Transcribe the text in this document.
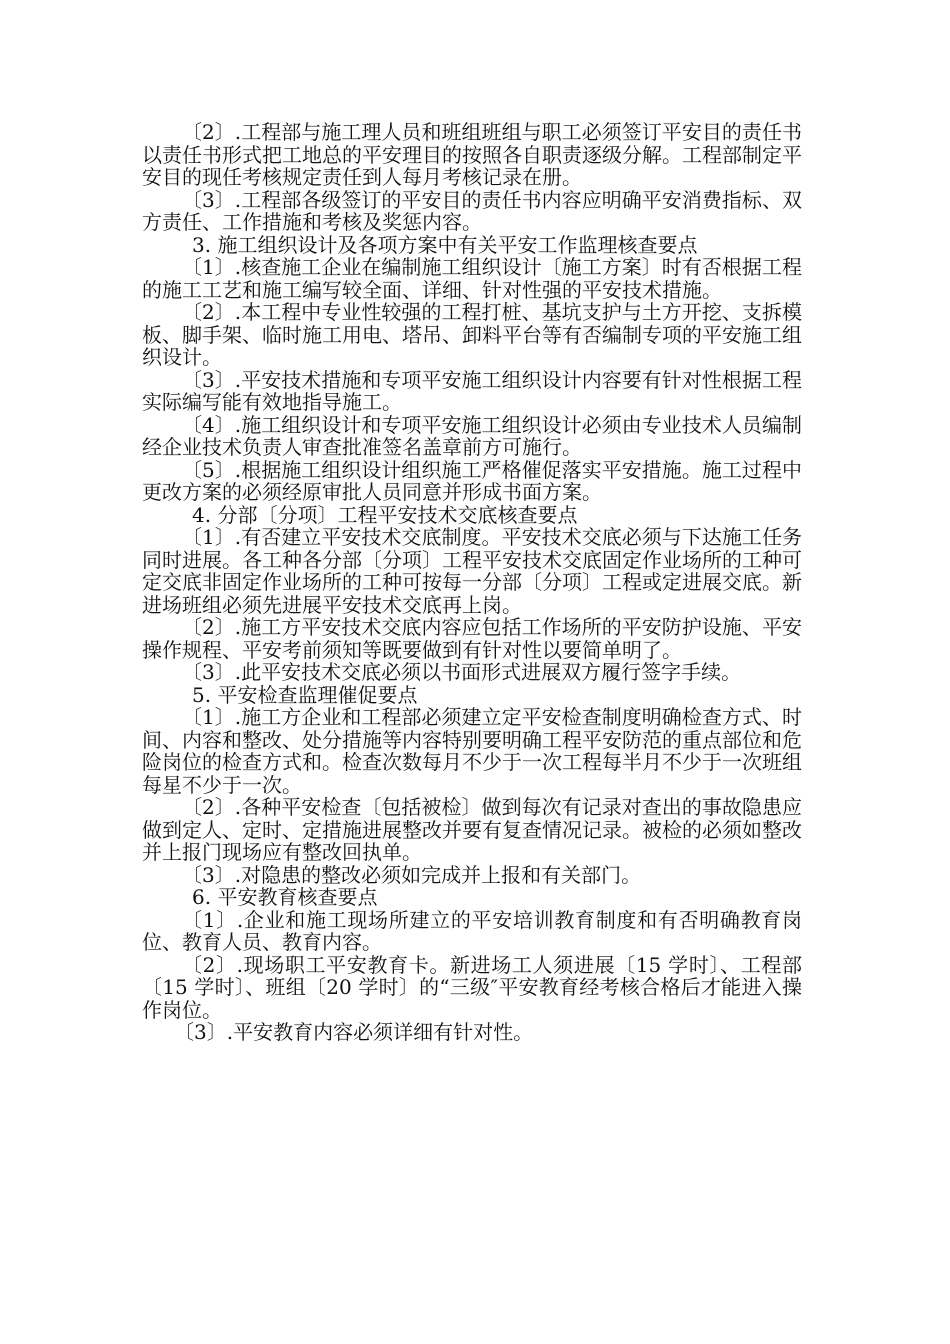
〔2〕.工程部与施工理人员和班组班组与职工必须签订平安目的责任书以责任书形式把工地总的平安理目的按照各自职责逐级分解。工程部制定平安目的现任考核规定责任到人每月考核记录在册。

〔3〕.工程部各级签订的平安目的责任书内容应明确平安消费指标、双方责任、工作措施和考核及奖惩内容。

3. 施工组织设计及各项方案中有关平安工作监理核查要点

〔1〕.核查施工企业在编制施工组织设计〔施工方案〕时有否根据工程的施工工艺和施工编写较全面、详细、针对性强的平安技术措施。

〔2〕.本工程中专业性较强的工程打桩、基坑支护与土方开挖、支拆模板、脚手架、临时施工用电、塔吊、卸料平台等有否编制专项的平安施工组织设计。

〔3〕.平安技术措施和专项平安施工组织设计内容要有针对性根据工程实际编写能有效地指导施工。

〔4〕.施工组织设计和专项平安施工组织设计必须由专业技术人员编制经企业技术负责人审查批准签名盖章前方可施行。

〔5〕.根据施工组织设计组织施工严格催促落实平安措施。施工过程中更改方案的必须经原审批人员同意并形成书面方案。

4. 分部〔分项〕工程平安技术交底核查要点

〔1〕.有否建立平安技术交底制度。平安技术交底必须与下达施工任务同时进展。各工种各分部〔分项〕工程平安技术交底固定作业场所的工种可定交底非固定作业场所的工种可按每一分部〔分项〕工程或定进展交底。新进场班组必须先进展平安技术交底再上岗。

〔2〕.施工方平安技术交底内容应包括工作场所的平安防护设施、平安操作规程、平安考前须知等既要做到有针对性以要简单明了。

〔3〕.此平安技术交底必须以书面形式进展双方履行签字手续。

5. 平安检查监理催促要点

〔1〕.施工方企业和工程部必须建立定平安检查制度明确检查方式、时间、内容和整改、处分措施等内容特别要明确工程平安防范的重点部位和危险岗位的检查方式和。检查次数每月不少于一次工程每半月不少于一次班组每星不少于一次。

〔2〕.各种平安检查〔包括被检〕做到每次有记录对查出的事故隐患应做到定人、定时、定措施进展整改并要有复查情况记录。被检的必须如整改并上报门现场应有整改回执单。

〔3〕.对隐患的整改必须如完成并上报和有关部门。

6. 平安教育核查要点

〔1〕.企业和施工现场所建立的平安培训教育制度和有否明确教育岗位、教育人员、教育内容。

〔2〕.现场职工平安教育卡。新进场工人须进展〔15 学时〕、工程部〔15 学时〕、班组〔20 学时〕的“三级″平安教育经考核合格后才能进入操作岗位。

〔3〕.平安教育内容必须详细有针对性。
